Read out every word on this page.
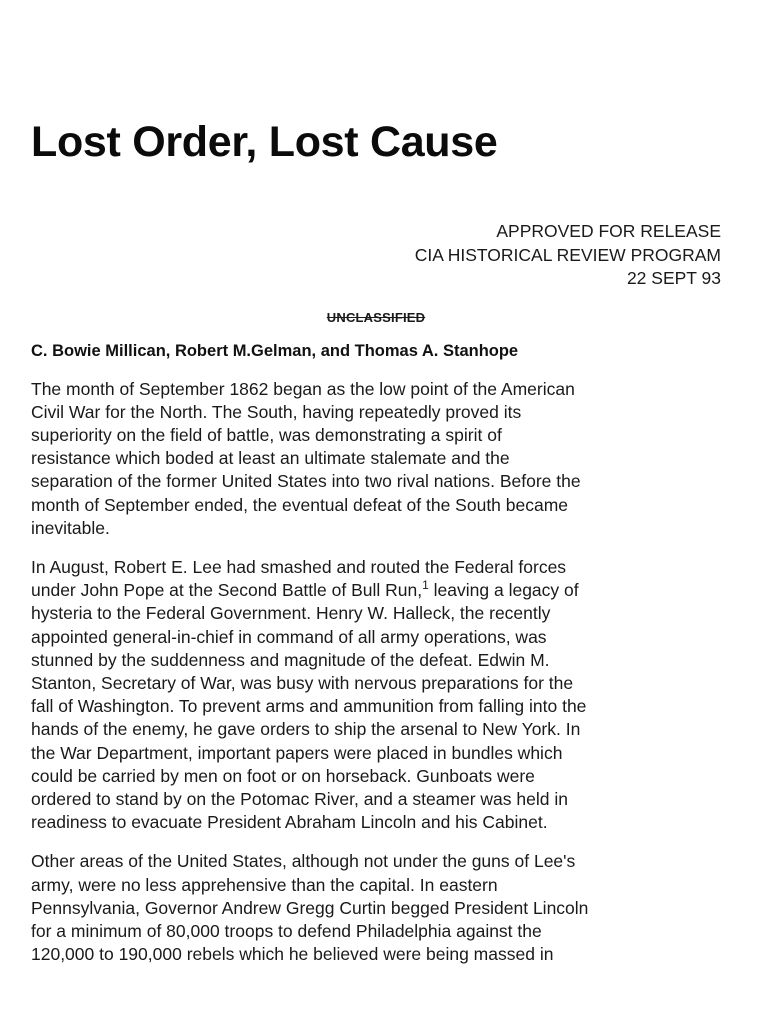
Lost Order, Lost Cause
APPROVED FOR RELEASE
CIA HISTORICAL REVIEW PROGRAM
22 SEPT 93
UNCLASSIFIED
C. Bowie Millican, Robert M.Gelman, and Thomas A. Stanhope

The month of September 1862 began as the low point of the American
Civil War for the North. The South, having repeatedly proved its
superiority on the field of battle, was demonstrating a spirit of
resistance which boded at least an ultimate stalemate and the
separation of the former United States into two rival nations. Before the
month of September ended, the eventual defeat of the South became
inevitable.

In August, Robert E. Lee had smashed and routed the Federal forces
under John Pope at the Second Battle of Bull Run,$^1$ leaving a legacy of
hysteria to the Federal Government. Henry W. Halleck, the recently
appointed general-in-chief in command of all army operations, was
stunned by the suddenness and magnitude of the defeat. Edwin M.
Stanton, Secretary of War, was busy with nervous preparations for the
fall of Washington. To prevent arms and ammunition from falling into the
hands of the enemy, he gave orders to ship the arsenal to New York. In
the War Department, important papers were placed in bundles which
could be carried by men on foot or on horseback. Gunboats were
ordered to stand by on the Potomac River, and a steamer was held in
readiness to evacuate President Abraham Lincoln and his Cabinet.

Other areas of the United States, although not under the guns of Lee's
army, were no less apprehensive than the capital. In eastern
Pennsylvania, Governor Andrew Gregg Curtin begged President Lincoln
for a minimum of 80,000 troops to defend Philadelphia against the
120,000 to 190,000 rebels which he believed were being massed in
